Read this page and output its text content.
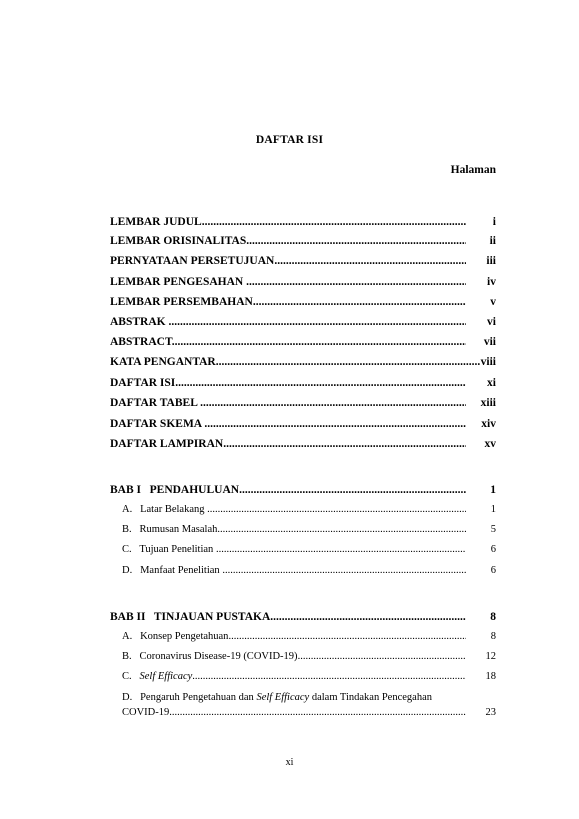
DAFTAR ISI
Halaman
LEMBAR JUDUL .....	i
LEMBAR ORISINALITAS .....	ii
PERNYATAAN PERSETUJUAN .....	iii
LEMBAR PENGESAHAN .....	iv
LEMBAR PERSEMBAHAN .....	v
ABSTRAK .....	vi
ABSTRACT .....	vii
KATA PENGANTAR .....	viii
DAFTAR ISI .....	xi
DAFTAR TABEL .....	xiii
DAFTAR SKEMA .....	xiv
DAFTAR LAMPIRAN .....	xv
BAB I   PENDAHULUAN .....	1
A.   Latar Belakang .....	1
B.   Rumusan Masalah .....	5
C.   Tujuan Penelitian .....	6
D.   Manfaat Penelitian .....	6
BAB II   TINJAUAN PUSTAKA .....	8
A.   Konsep Pengetahuan .....	8
B.   Coronavirus Disease-19 (COVID-19) .....	12
C.   Self Efficacy .....	18
D.   Pengaruh Pengetahuan dan Self Efficacy dalam Tindakan Pencegahan
COVID-19 .....	23
xi
